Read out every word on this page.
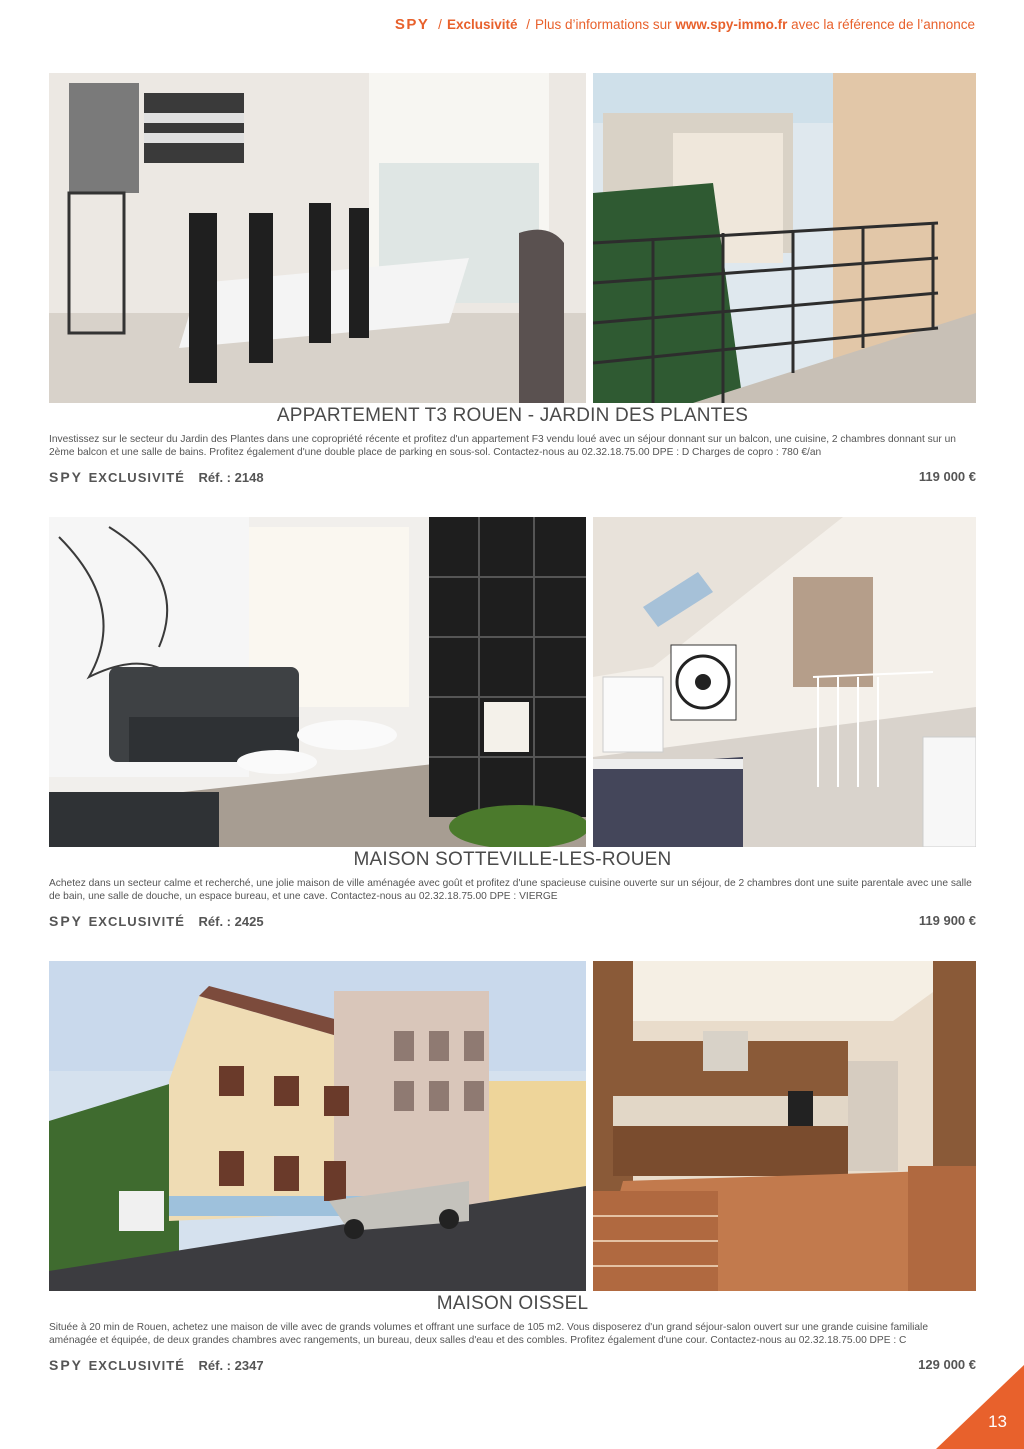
SPY / Exclusivité / Plus d’informations sur www.spy-immo.fr avec la référence de l’annonce
APPARTEMENT T3 ROUEN - JARDIN DES PLANTES
Investissez sur le secteur du Jardin des Plantes dans une copropriété récente et profitez d'un appartement F3 vendu loué avec un séjour donnant sur un balcon, une cuisine, 2 chambres donnant sur un 2ème balcon et une salle de bains. Profitez également d'une double place de parking en sous-sol. Contactez-nous au 02.32.18.75.00 DPE : D Charges de copro : 780 €/an
SPY EXCLUSIVITÉ Réf. : 2148	119 000 €
MAISON SOTTEVILLE-LES-ROUEN
Achetez dans un secteur calme et recherché, une jolie maison de ville aménagée avec goût et profitez d'une spacieuse cuisine ouverte sur un séjour, de 2 chambres dont une suite parentale avec une salle de bain, une salle de douche, un espace bureau, et une cave. Contactez-nous au 02.32.18.75.00 DPE : VIERGE
SPY EXCLUSIVITÉ Réf. : 2425	119 900 €
MAISON OISSEL
Située à 20 min de Rouen, achetez une maison de ville avec de grands volumes et offrant une surface de 105 m2. Vous disposerez d'un grand séjour-salon ouvert sur une grande cuisine familiale aménagée et équipée, de deux grandes chambres avec rangements, un bureau, deux salles d'eau et des combles. Profitez également d'une cour. Contactez-nous au 02.32.18.75.00 DPE : C
SPY EXCLUSIVITÉ Réf. : 2347	129 000 €
13
